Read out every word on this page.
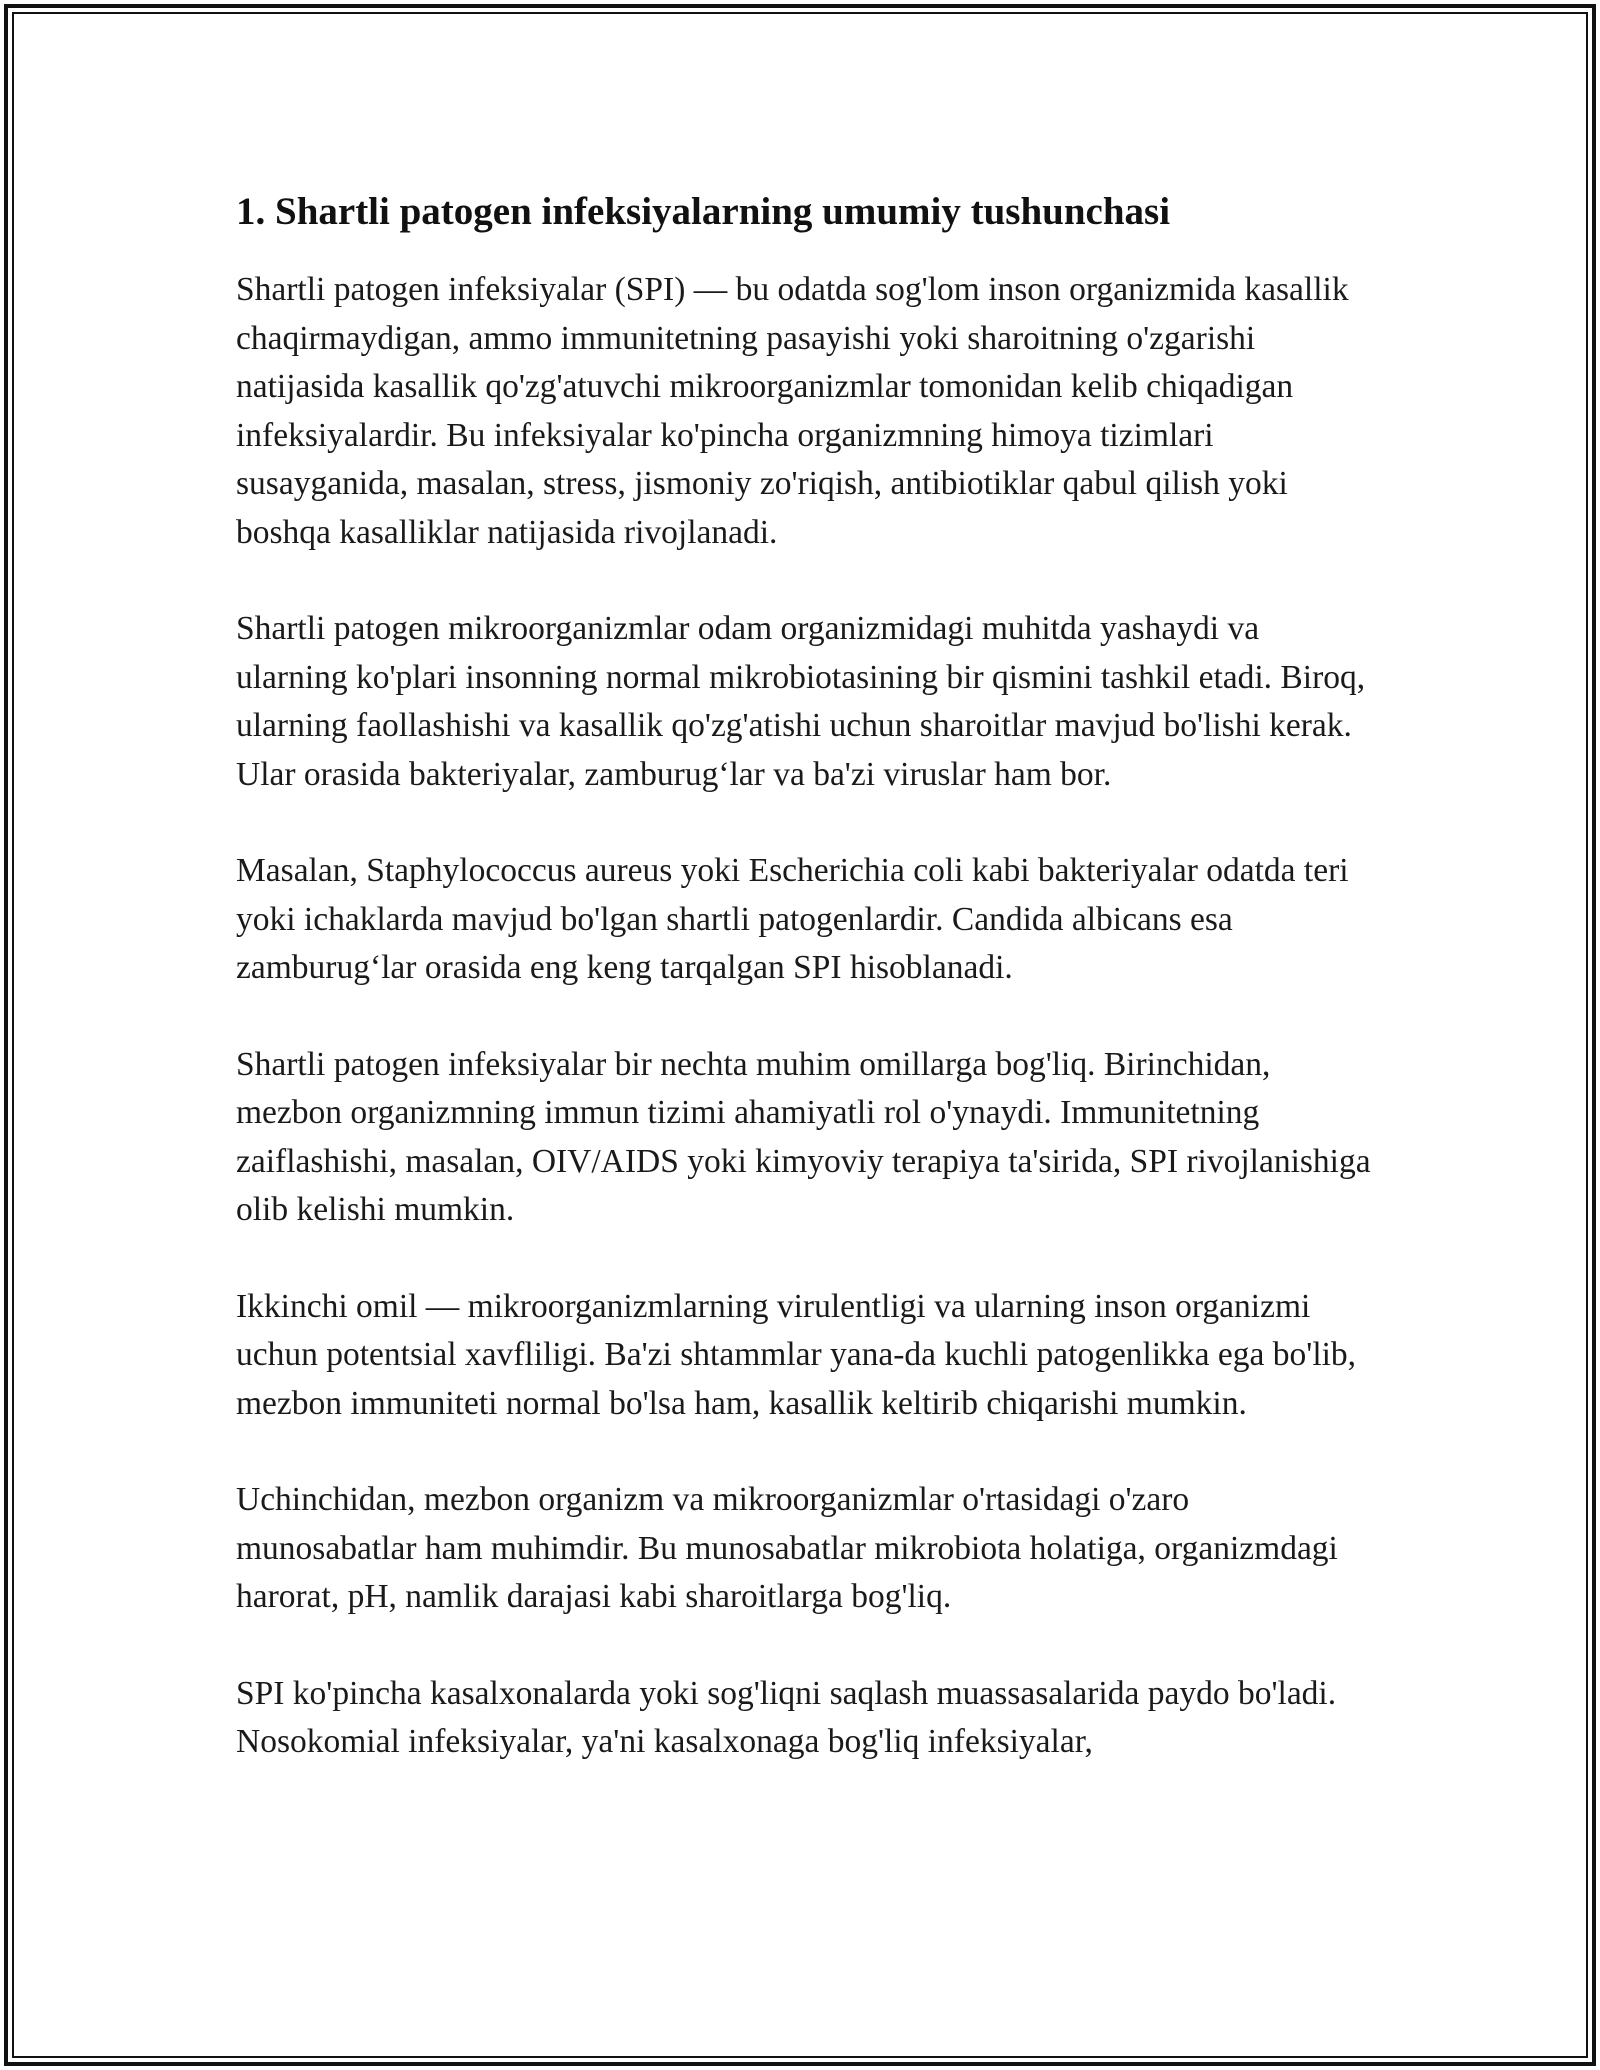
1. Shartli patogen infeksiyalarning umumiy tushunchasi

Shartli patogen infeksiyalar (SPI) — bu odatda sog'lom inson organizmida kasallik chaqirmaydigan, ammo immunitetning pasayishi yoki sharoitning o'zgarishi natijasida kasallik qo'zg'atuvchi mikroorganizmlar tomonidan kelib chiqadigan infeksiyalardir. Bu infeksiyalar ko'pincha organizmning himoya tizimlari susayganida, masalan, stress, jismoniy zo'riqish, antibiotiklar qabul qilish yoki boshqa kasalliklar natijasida rivojlanadi.

Shartli patogen mikroorganizmlar odam organizmidagi muhitda yashaydi va ularning ko'plari insonning normal mikrobiotasining bir qismini tashkil etadi. Biroq, ularning faollashishi va kasallik qo'zg'atishi uchun sharoitlar mavjud bo'lishi kerak. Ular orasida bakteriyalar, zamburug‘lar va ba'zi viruslar ham bor.

Masalan, Staphylococcus aureus yoki Escherichia coli kabi bakteriyalar odatda teri yoki ichaklarda mavjud bo'lgan shartli patogenlardir. Candida albicans esa zamburug‘lar orasida eng keng tarqalgan SPI hisoblanadi.

Shartli patogen infeksiyalar bir nechta muhim omillarga bog'liq. Birinchidan, mezbon organizmning immun tizimi ahamiyatli rol o'ynaydi. Immunitetning zaiflashishi, masalan, OIV/AIDS yoki kimyoviy terapiya ta'sirida, SPI rivojlanishiga olib kelishi mumkin.

Ikkinchi omil — mikroorganizmlarning virulentligi va ularning inson organizmi uchun potentsial xavfliligi. Ba'zi shtammlar yana-da kuchli patogenlikka ega bo'lib, mezbon immuniteti normal bo'lsa ham, kasallik keltirib chiqarishi mumkin.

Uchinchidan, mezbon organizm va mikroorganizmlar o'rtasidagi o'zaro munosabatlar ham muhimdir. Bu munosabatlar mikrobiota holatiga, organizmdagi harorat, pH, namlik darajasi kabi sharoitlarga bog'liq.

SPI ko'pincha kasalxonalarda yoki sog'liqni saqlash muassasalarida paydo bo'ladi. Nosokomial infeksiyalar, ya'ni kasalxonaga bog'liq infeksiyalar,
